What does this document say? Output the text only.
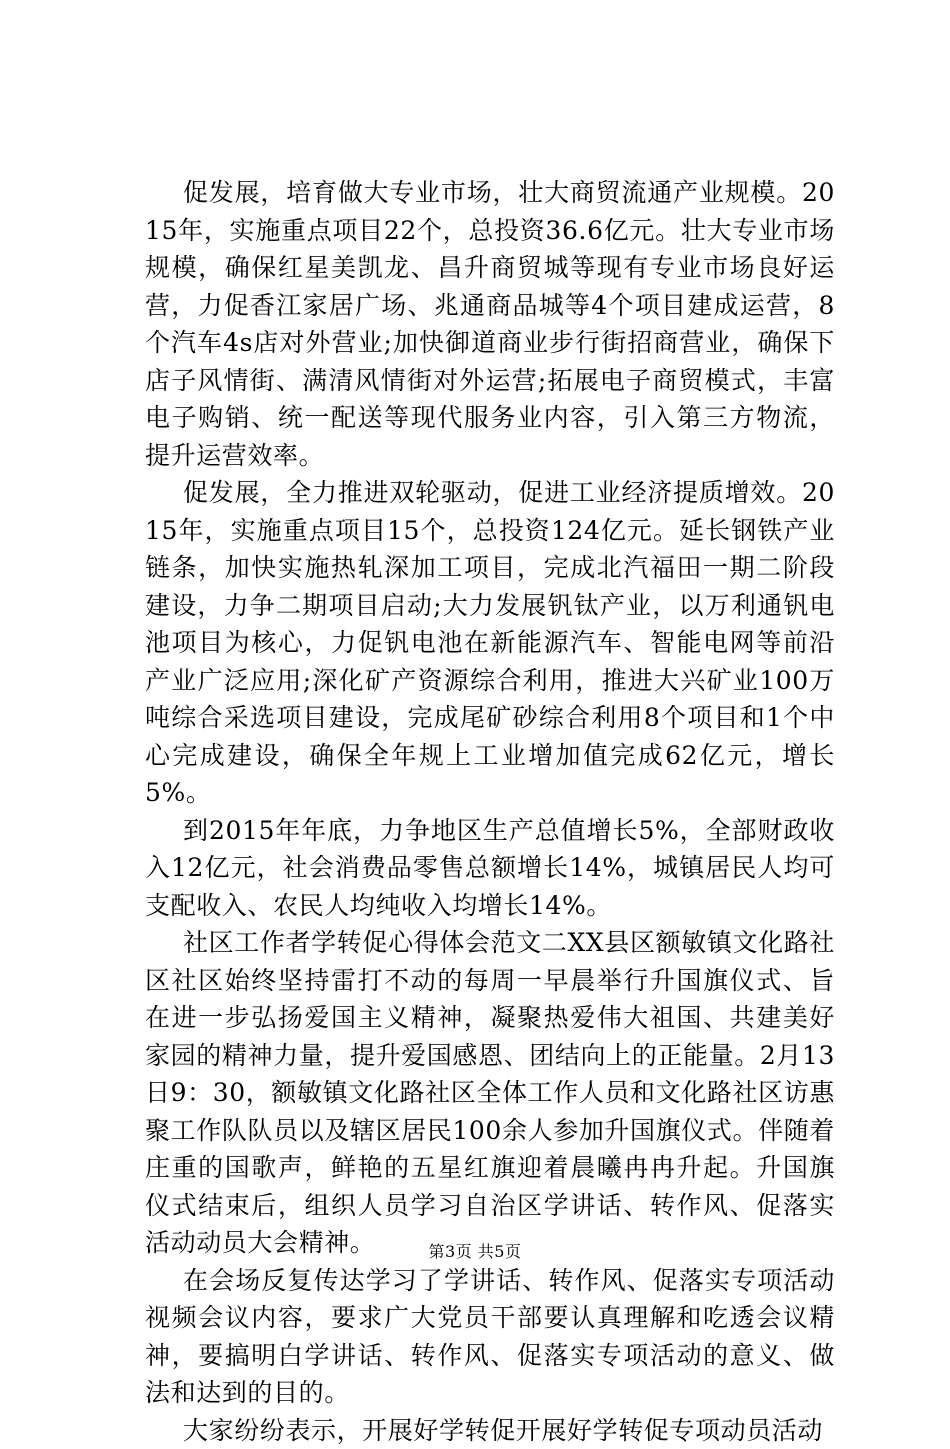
促发展，培育做大专业市场，壮大商贸流通产业规模。2015年，实施重点项目22个，总投资36.6亿元。壮大专业市场规模，确保红星美凯龙、昌升商贸城等现有专业市场良好运营，力促香江家居广场、兆通商品城等4个项目建成运营，8个汽车4s店对外营业;加快御道商业步行街招商营业，确保下店子风情街、满清风情街对外运营;拓展电子商贸模式，丰富电子购销、统一配送等现代服务业内容，引入第三方物流，提升运营效率。

促发展，全力推进双轮驱动，促进工业经济提质增效。2015年，实施重点项目15个，总投资124亿元。延长钢铁产业链条，加快实施热轧深加工项目，完成北汽福田一期二阶段建设，力争二期项目启动;大力发展钒钛产业，以万利通钒电池项目为核心，力促钒电池在新能源汽车、智能电网等前沿产业广泛应用;深化矿产资源综合利用，推进大兴矿业100万吨综合采选项目建设，完成尾矿砂综合利用8个项目和1个中心完成建设，确保全年规上工业增加值完成62亿元，增长5%。

到2015年年底，力争地区生产总值增长5%，全部财政收入12亿元，社会消费品零售总额增长14%，城镇居民人均可支配收入、农民人均纯收入均增长14%。

社区工作者学转促心得体会范文二XX县区额敏镇文化路社区社区始终坚持雷打不动的每周一早晨举行升国旗仪式、旨在进一步弘扬爱国主义精神，凝聚热爱伟大祖国、共建美好家园的精神力量，提升爱国感恩、团结向上的正能量。2月13日9：30，额敏镇文化路社区全体工作人员和文化路社区访惠聚工作队队员以及辖区居民100余人参加升国旗仪式。伴随着庄重的国歌声，鲜艳的五星红旗迎着晨曦冉冉升起。升国旗仪式结束后，组织人员学习自治区学讲话、转作风、促落实活动动员大会精神。

在会场反复传达学习了学讲话、转作风、促落实专项活动视频会议内容，要求广大党员干部要认真理解和吃透会议精神，要搞明白学讲话、转作风、促落实专项活动的意义、做法和达到的目的。

大家纷纷表示，开展好学转促开展好学转促专项动员活动

第3页 共5页
